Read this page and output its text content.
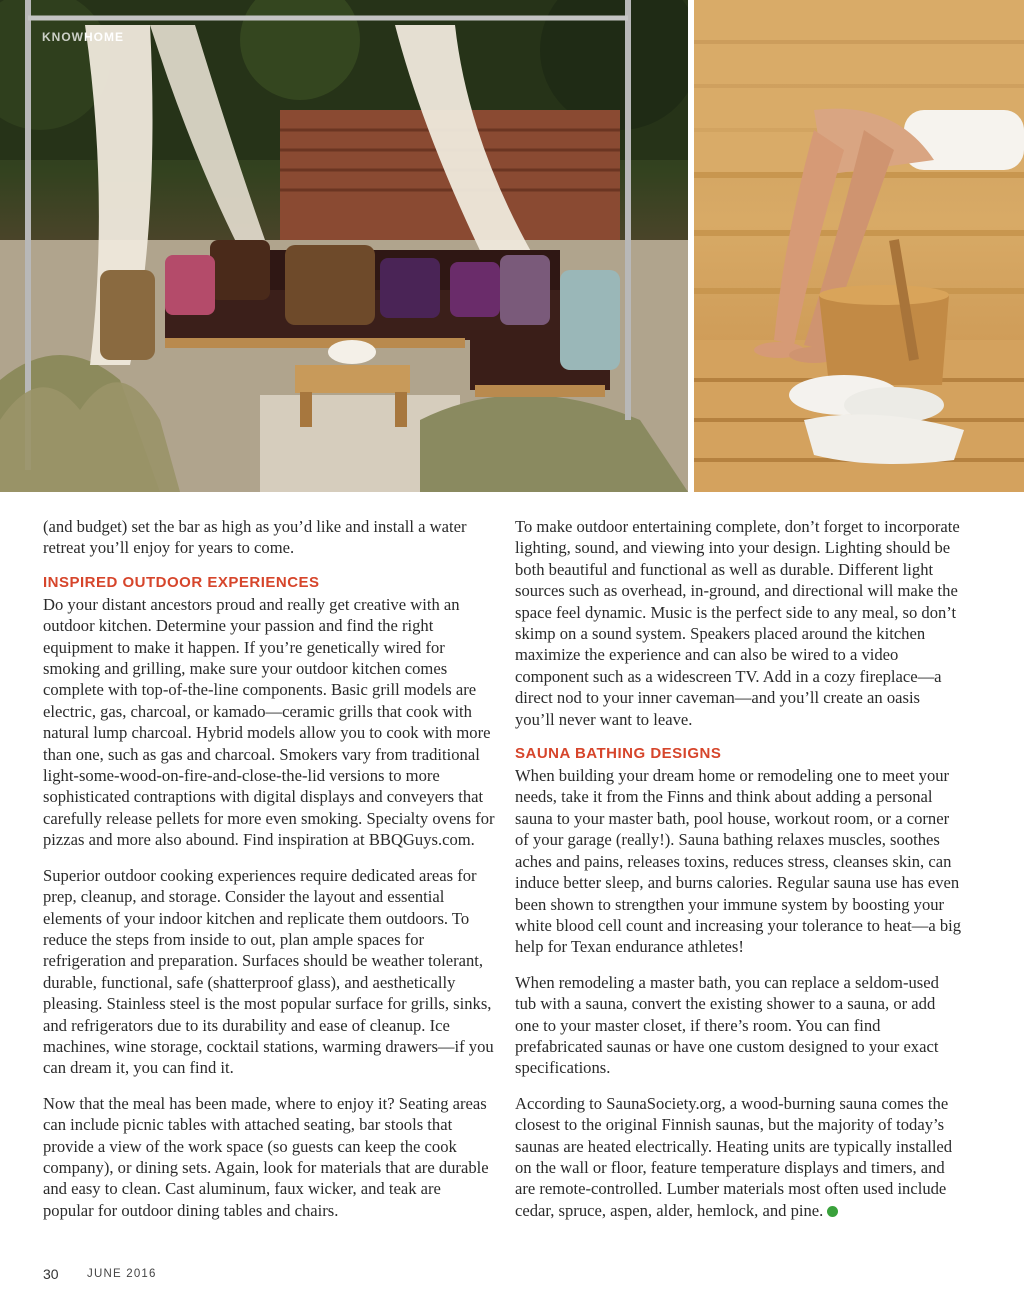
KNOWHOME

(and budget) set the bar as high as you’d like and install a water retreat you’ll enjoy for years to come.

INSPIRED OUTDOOR EXPERIENCES

Do your distant ancestors proud and really get creative with an outdoor kitchen. Determine your passion and find the right equipment to make it happen. If you’re genetically wired for smoking and grilling, make sure your outdoor kitchen comes complete with top-of-the-line components. Basic grill models are electric, gas, charcoal, or kamado—ceramic grills that cook with natural lump charcoal. Hybrid models allow you to cook with more than one, such as gas and charcoal. Smokers vary from traditional light-some-wood-on-fire-and-close-the-lid versions to more sophisticated contraptions with digital displays and conveyers that carefully release pellets for more even smoking. Specialty ovens for pizzas and more also abound. Find inspiration at BBQGuys.com.

Superior outdoor cooking experiences require dedicated areas for prep, cleanup, and storage. Consider the layout and essential elements of your indoor kitchen and replicate them outdoors. To reduce the steps from inside to out, plan ample spaces for refrigeration and preparation. Surfaces should be weather tolerant, durable, functional, safe (shatterproof glass), and aesthetically pleasing. Stainless steel is the most popular surface for grills, sinks, and refrigerators due to its durability and ease of cleanup. Ice machines, wine storage, cocktail stations, warming drawers—if you can dream it, you can find it.

Now that the meal has been made, where to enjoy it? Seating areas can include picnic tables with attached seating, bar stools that provide a view of the work space (so guests can keep the cook company), or dining sets. Again, look for materials that are durable and easy to clean. Cast aluminum, faux wicker, and teak are popular for outdoor dining tables and chairs.

To make outdoor entertaining complete, don’t forget to incorporate lighting, sound, and viewing into your design. Lighting should be both beautiful and functional as well as durable. Different light sources such as overhead, in-ground, and directional will make the space feel dynamic. Music is the perfect side to any meal, so don’t skimp on a sound system. Speakers placed around the kitchen maximize the experience and can also be wired to a video component such as a widescreen TV. Add in a cozy fireplace—a direct nod to your inner caveman—and you’ll create an oasis you’ll never want to leave.

SAUNA BATHING DESIGNS

When building your dream home or remodeling one to meet your needs, take it from the Finns and think about adding a personal sauna to your master bath, pool house, workout room, or a corner of your garage (really!). Sauna bathing relaxes muscles, soothes aches and pains, releases toxins, reduces stress, cleanses skin, can induce better sleep, and burns calories. Regular sauna use has even been shown to strengthen your immune system by boosting your white blood cell count and increasing your tolerance to heat—a big help for Texan endurance athletes!

When remodeling a master bath, you can replace a seldom-used tub with a sauna, convert the existing shower to a sauna, or add one to your master closet, if there’s room. You can find prefabricated saunas or have one custom designed to your exact specifications.

According to SaunaSociety.org, a wood-burning sauna comes the closest to the original Finnish saunas, but the majority of today’s saunas are heated electrically. Heating units are typically installed on the wall or floor, feature temperature displays and timers, and are remote-controlled. Lumber materials most often used include cedar, spruce, aspen, alder, hemlock, and pine.

30 JUNE 2016
